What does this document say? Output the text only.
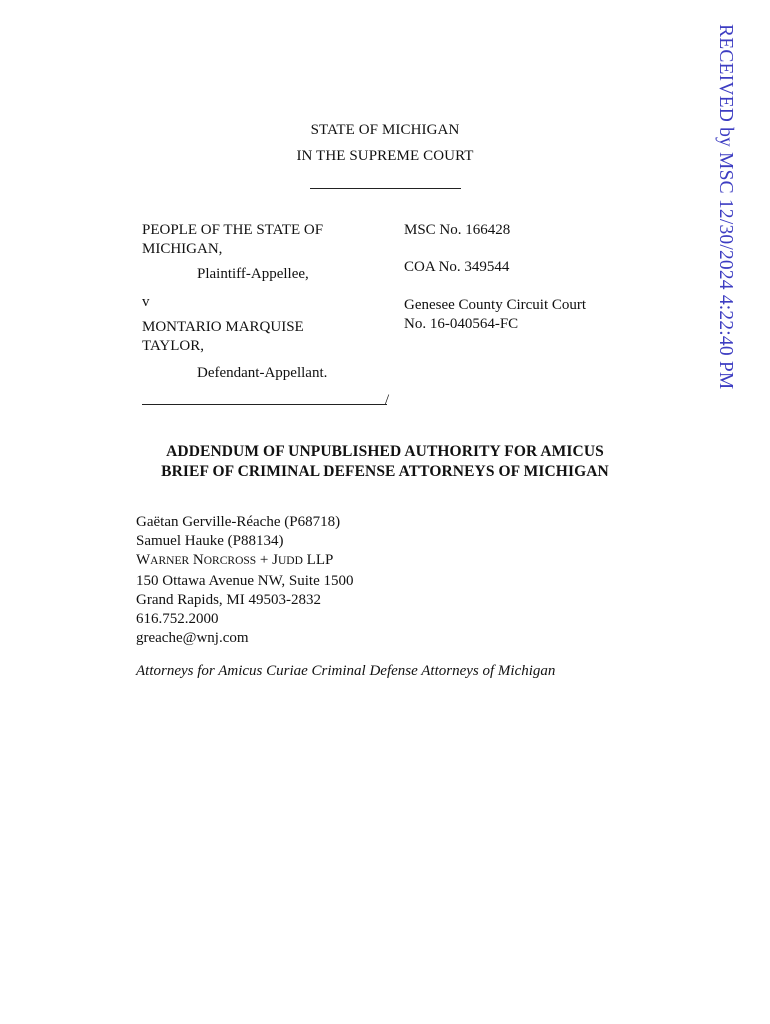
STATE OF MICHIGAN
IN THE SUPREME COURT
PEOPLE OF THE STATE OF
MICHIGAN,
Plaintiff-Appellee,
v
MONTARIO MARQUISE
TAYLOR,
Defendant-Appellant.
/
MSC No. 166428
COA No. 349544
Genesee County Circuit Court
No. 16-040564-FC
ADDENDUM OF UNPUBLISHED AUTHORITY FOR AMICUS
BRIEF OF CRIMINAL DEFENSE ATTORNEYS OF MICHIGAN
Gaëtan Gerville-Réache (P68718)
Samuel Hauke (P88134)
WARNER NORCROSS + JUDD LLP
150 Ottawa Avenue NW, Suite 1500
Grand Rapids, MI 49503-2832
616.752.2000
greache@wnj.com
Attorneys for Amicus Curiae Criminal Defense Attorneys of Michigan
RECEIVED by MSC 12/30/2024 4:22:40 PM
